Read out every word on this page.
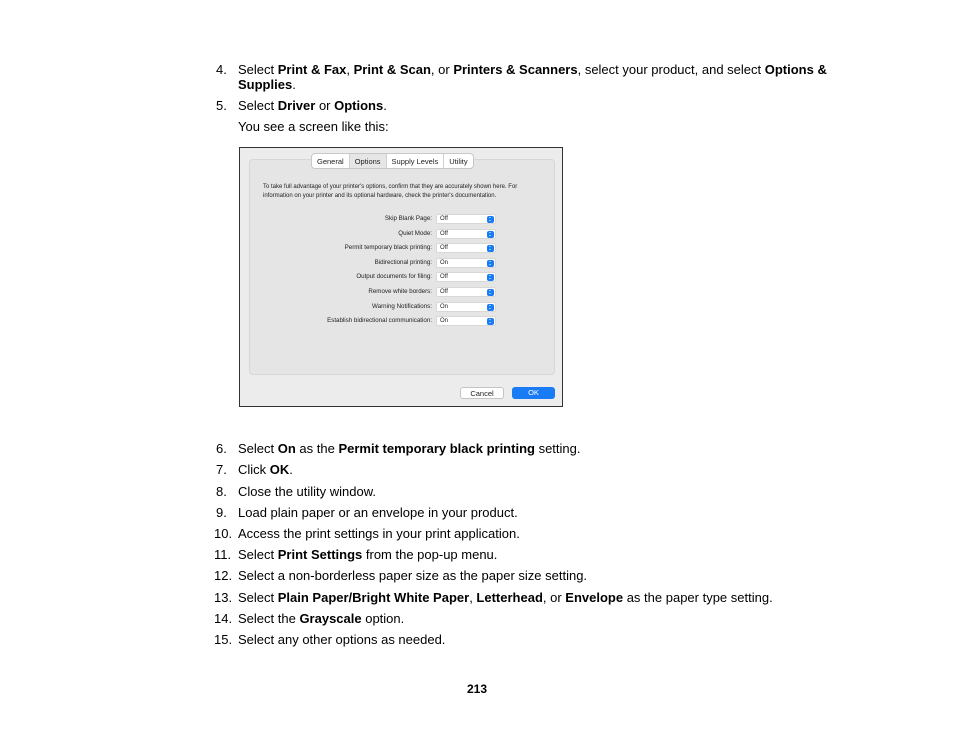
4. Select Print & Fax, Print & Scan, or Printers & Scanners, select your product, and select Options & Supplies.
5. Select Driver or Options.
You see a screen like this:
General	Options	Supply Levels	Utility
To take full advantage of your printer's options, confirm that they are accurately shown here. For information on your printer and its optional hardware, check the printer's documentation.
Skip Blank Page: Off
Quiet Mode: Off
Permit temporary black printing: Off
Bidirectional printing: On
Output documents for filing: Off
Remove white borders: Off
Warning Notifications: On
Establish bidirectional communication: On
Cancel	OK
6. Select On as the Permit temporary black printing setting.
7. Click OK.
8. Close the utility window.
9. Load plain paper or an envelope in your product.
10. Access the print settings in your print application.
11. Select Print Settings from the pop-up menu.
12. Select a non-borderless paper size as the paper size setting.
13. Select Plain Paper/Bright White Paper, Letterhead, or Envelope as the paper type setting.
14. Select the Grayscale option.
15. Select any other options as needed.
213
